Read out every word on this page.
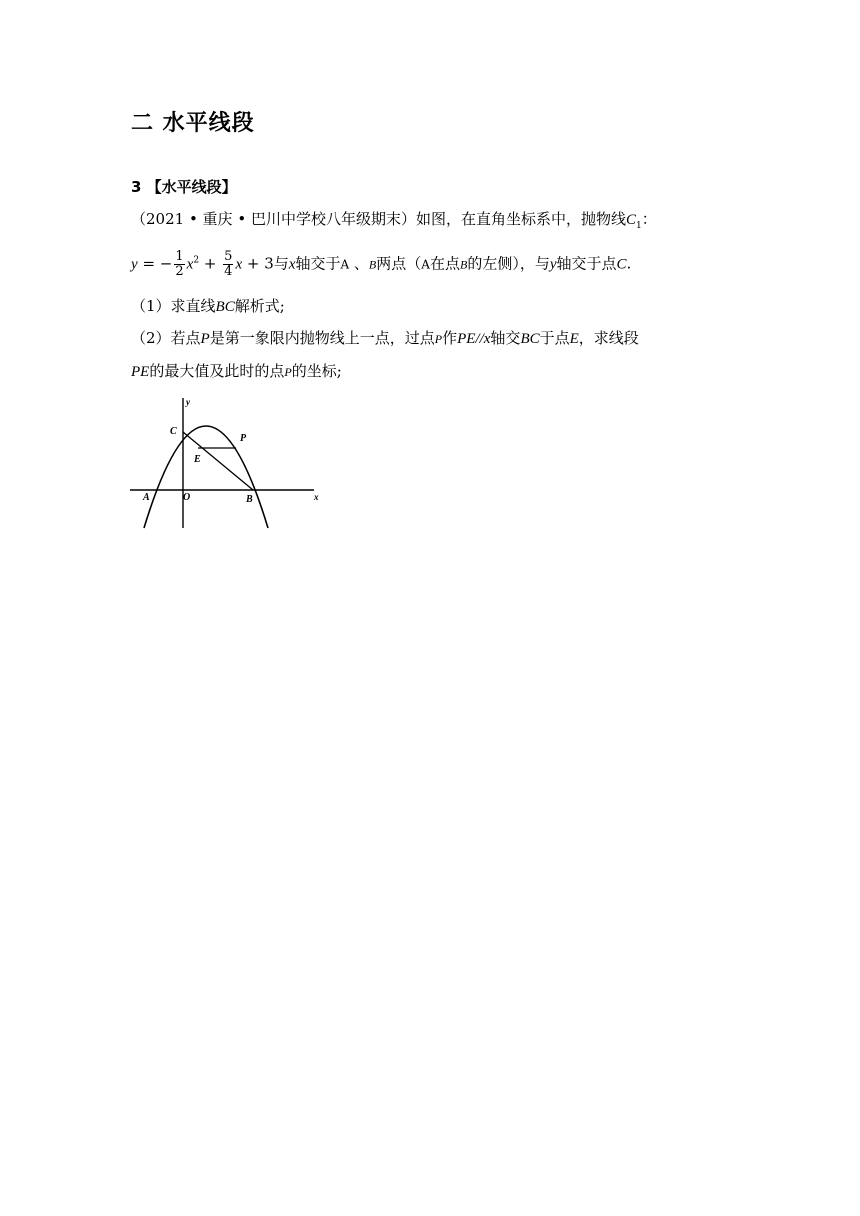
二 水平线段
3 【水平线段】
（2021 • 重庆 • 巴川中学校八年级期末）如图，在直角坐标系中，抛物线$C_1$：
y = − $\frac{1}{2} x^2 + \frac{5}{4}$ x + 3与x轴交于A 、B两点（A在点B的左侧），与y轴交于点C.
（1）求直线BC解析式;
（2）若点P是第一象限内抛物线上一点，过点P作PE//x轴交BC于点E，求线段
PE的最大值及此时的点P的坐标;
y
x
C
P
E
A	O	B
